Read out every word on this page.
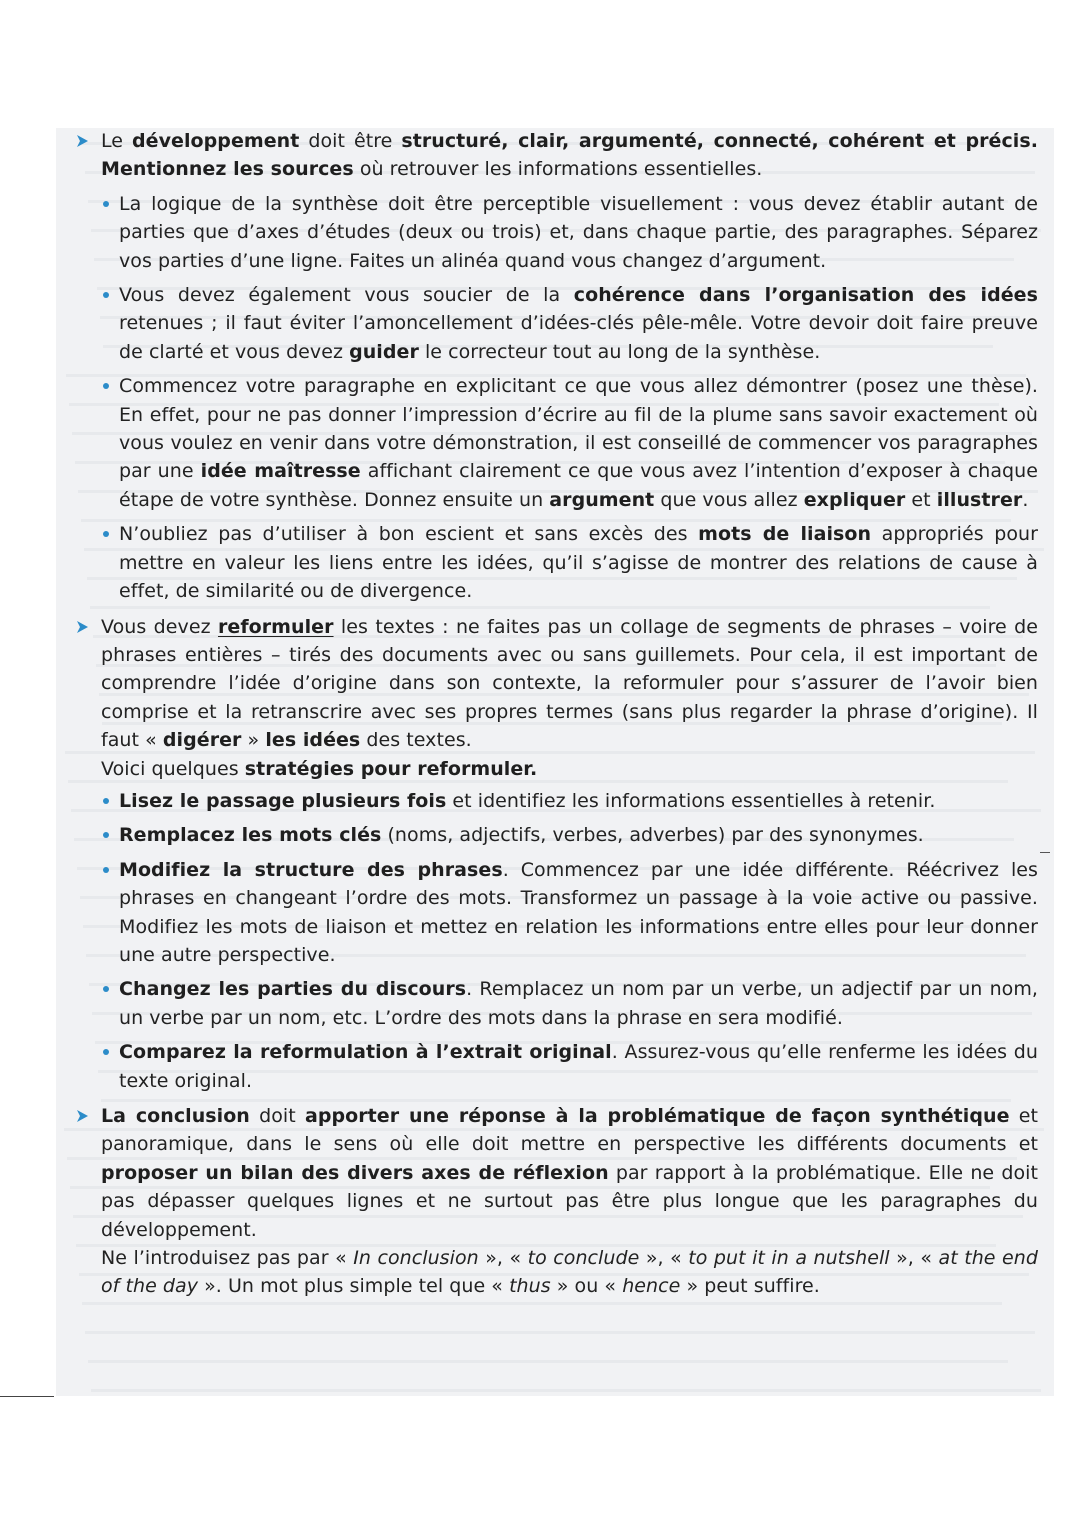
Le développement doit être structuré, clair, argumenté, connecté, cohérent et précis. Mentionnez les sources où retrouver les informations essentielles.
La logique de la synthèse doit être perceptible visuellement : vous devez établir autant de parties que d’axes d’études (deux ou trois) et, dans chaque partie, des paragraphes. Séparez vos parties d’une ligne. Faites un alinéa quand vous changez d’argument.
Vous devez également vous soucier de la cohérence dans l’organisation des idées retenues ; il faut éviter l’amoncellement d’idées-clés pêle-mêle. Votre devoir doit faire preuve de clarté et vous devez guider le correcteur tout au long de la synthèse.
Commencez votre paragraphe en explicitant ce que vous allez démontrer (posez une thèse). En effet, pour ne pas donner l’impression d’écrire au fil de la plume sans savoir exactement où vous voulez en venir dans votre démonstration, il est conseillé de commencer vos paragraphes par une idée maîtresse affichant clairement ce que vous avez l’intention d’exposer à chaque étape de votre synthèse. Donnez ensuite un argument que vous allez expliquer et illustrer.
N’oubliez pas d’utiliser à bon escient et sans excès des mots de liaison appropriés pour mettre en valeur les liens entre les idées, qu’il s’agisse de montrer des relations de cause à effet, de similarité ou de divergence.
Vous devez reformuler les textes : ne faites pas un collage de segments de phrases – voire de phrases entières – tirés des documents avec ou sans guillemets. Pour cela, il est important de comprendre l’idée d’origine dans son contexte, la reformuler pour s’assurer de l’avoir bien comprise et la retranscrire avec ses propres termes (sans plus regarder la phrase d’origine). Il faut « digérer » les idées des textes.
Voici quelques stratégies pour reformuler.
Lisez le passage plusieurs fois et identifiez les informations essentielles à retenir.
Remplacez les mots clés (noms, adjectifs, verbes, adverbes) par des synonymes.
Modifiez la structure des phrases. Commencez par une idée différente. Réécrivez les phrases en changeant l’ordre des mots. Transformez un passage à la voie active ou passive. Modifiez les mots de liaison et mettez en relation les informations entre elles pour leur donner une autre perspective.
Changez les parties du discours. Remplacez un nom par un verbe, un adjectif par un nom, un verbe par un nom, etc. L’ordre des mots dans la phrase en sera modifié.
Comparez la reformulation à l’extrait original. Assurez-vous qu’elle renferme les idées du texte original.
La conclusion doit apporter une réponse à la problématique de façon synthétique et panoramique, dans le sens où elle doit mettre en perspective les différents documents et proposer un bilan des divers axes de réflexion par rapport à la problématique. Elle ne doit pas dépasser quelques lignes et ne surtout pas être plus longue que les paragraphes du développement.
Ne l’introduisez pas par « In conclusion », « to conclude », « to put it in a nutshell », « at the end of the day ». Un mot plus simple tel que « thus » ou « hence » peut suffire.
